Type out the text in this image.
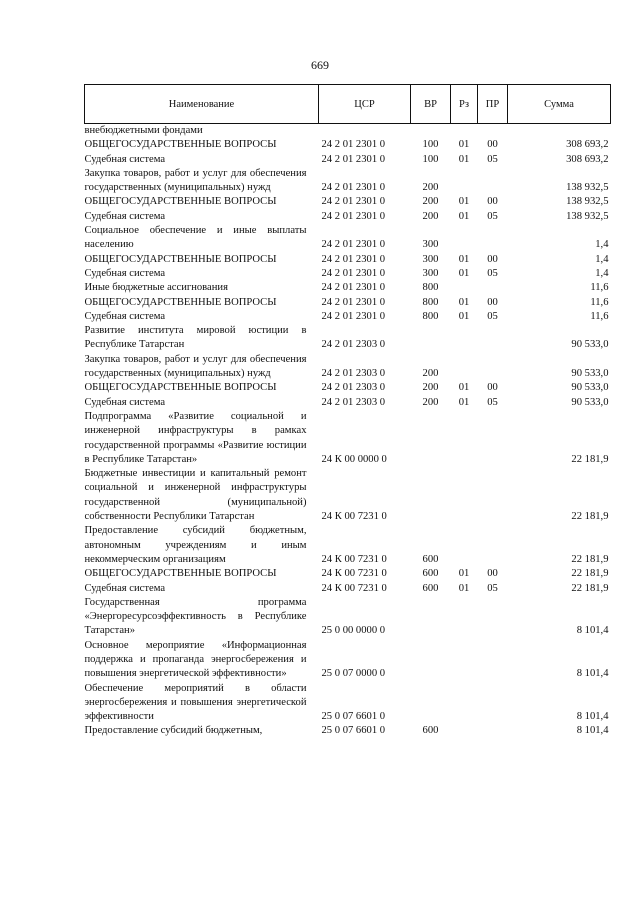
669
Наименование	ЦСР	ВР	Рз	ПР	Сумма
внебюджетными фондами					
ОБЩЕГОСУДАРСТВЕННЫЕ ВОПРОСЫ	24 2 01 2301 0	100	01	00	308 693,2
Судебная система	24 2 01 2301 0	100	01	05	308 693,2
Закупка товаров, работ и услуг для обеспечения государственных (муниципальных) нужд	24 2 01 2301 0	200			138 932,5
ОБЩЕГОСУДАРСТВЕННЫЕ ВОПРОСЫ	24 2 01 2301 0	200	01	00	138 932,5
Судебная система	24 2 01 2301 0	200	01	05	138 932,5
Социальное обеспечение и иные выплаты населению	24 2 01 2301 0	300			1,4
ОБЩЕГОСУДАРСТВЕННЫЕ ВОПРОСЫ	24 2 01 2301 0	300	01	00	1,4
Судебная система	24 2 01 2301 0	300	01	05	1,4
Иные бюджетные ассигнования	24 2 01 2301 0	800			11,6
ОБЩЕГОСУДАРСТВЕННЫЕ ВОПРОСЫ	24 2 01 2301 0	800	01	00	11,6
Судебная система	24 2 01 2301 0	800	01	05	11,6
Развитие института мировой юстиции в Республике Татарстан	24 2 01 2303 0				90 533,0
Закупка товаров, работ и услуг для обеспечения государственных (муниципальных) нужд	24 2 01 2303 0	200			90 533,0
ОБЩЕГОСУДАРСТВЕННЫЕ ВОПРОСЫ	24 2 01 2303 0	200	01	00	90 533,0
Судебная система	24 2 01 2303 0	200	01	05	90 533,0
Подпрограмма «Развитие социальной и инженерной инфраструктуры в рамках государственной программы «Развитие юстиции в Республике Татарстан»	24 К 00 0000 0				22 181,9
Бюджетные инвестиции и капитальный ремонт социальной и инженерной инфраструктуры государственной (муниципальной) собственности Республики Татарстан	24 К 00 7231 0				22 181,9
Предоставление субсидий бюджетным, автономным учреждениям и иным некоммерческим организациям	24 К 00 7231 0	600			22 181,9
ОБЩЕГОСУДАРСТВЕННЫЕ ВОПРОСЫ	24 К 00 7231 0	600	01	00	22 181,9
Судебная система	24 К 00 7231 0	600	01	05	22 181,9
Государственная программа «Энергоресурсоэффективность в Республике Татарстан»	25 0 00 0000 0				8 101,4
Основное мероприятие «Информационная поддержка и пропаганда энергосбережения и повышения энергетической эффективности»	25 0 07 0000 0				8 101,4
Обеспечение мероприятий в области энергосбережения и повышения энергетической эффективности	25 0 07 6601 0				8 101,4
Предоставление субсидий бюджетным,	25 0 07 6601 0	600			8 101,4
